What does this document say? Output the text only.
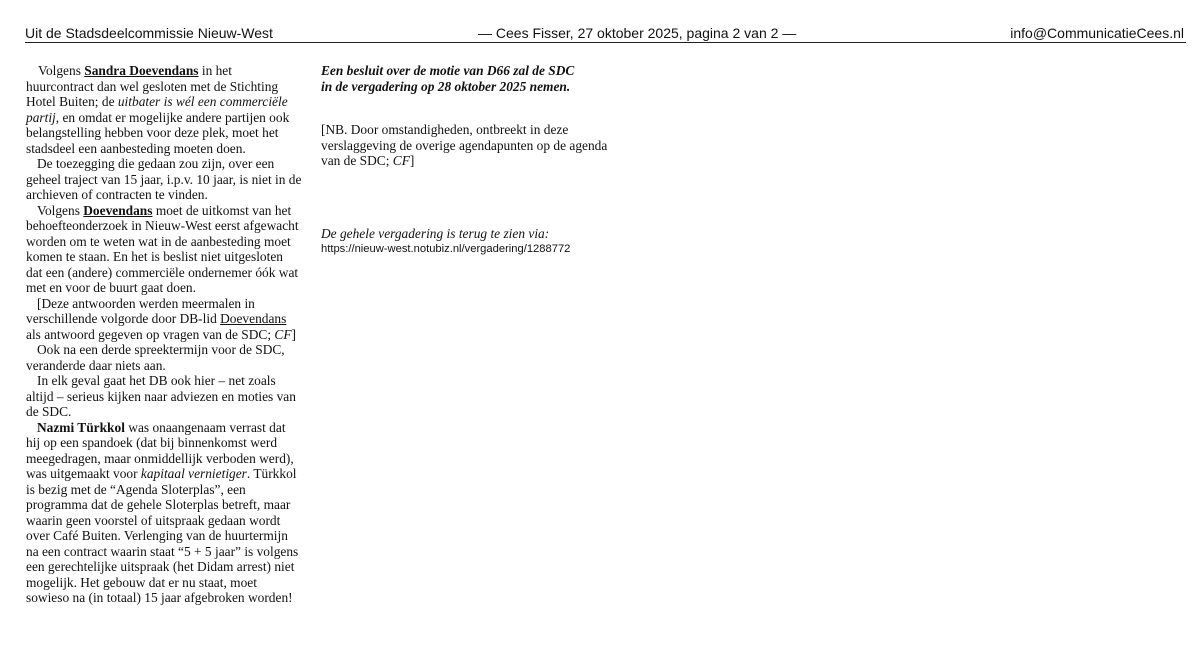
Uit de Stadsdeelcommissie Nieuw-West	— Cees Fisser, 27 oktober 2025, pagina 2 van 2 —	info@CommunicatieCees.nl

Volgens Sandra Doevendans in het huurcontract dan wel gesloten met de Stichting Hotel Buiten; de uitbater is wél een commerciële partij, en omdat er mogelijke andere partijen ook belangstelling hebben voor deze plek, moet het stadsdeel een aanbesteding moeten doen.

De toezegging die gedaan zou zijn, over een geheel traject van 15 jaar, i.p.v. 10 jaar, is niet in de archieven of contracten te vinden.

Volgens Doevendans moet de uitkomst van het behoefteonderzoek in Nieuw-West eerst afgewacht worden om te weten wat in de aanbesteding moet komen te staan. En het is beslist niet uitgesloten dat een (andere) commerciële ondernemer óók wat met en voor de buurt gaat doen.

[Deze antwoorden werden meermalen in verschillende volgorde door DB-lid Doevendans als antwoord gegeven op vragen van de SDC; CF]

Ook na een derde spreektermijn voor de SDC, veranderde daar niets aan.

In elk geval gaat het DB ook hier – net zoals altijd – serieus kijken naar adviezen en moties van de SDC.

Nazmi Türkkol was onaangenaam verrast dat hij op een spandoek (dat bij binnenkomst werd meegedragen, maar onmiddellijk verboden werd), was uitgemaakt voor kapitaal vernietiger. Türkkol is bezig met de “Agenda Sloterplas”, een programma dat de gehele Sloterplas betreft, maar waarin geen voorstel of uitspraak gedaan wordt over Café Buiten. Verlenging van de huurtermijn na een contract waarin staat “5 + 5 jaar” is volgens een gerechtelijke uitspraak (het Didam arrest) niet mogelijk. Het gebouw dat er nu staat, moet sowieso na (in totaal) 15 jaar afgebroken worden!

Een besluit over de motie van D66 zal de SDC
in de vergadering op 28 oktober 2025 nemen.
[NB. Door omstandigheden, ontbreekt in deze verslaggeving de overige agendapunten op de agenda van de SDC; CF]
De gehele vergadering is terug te zien via:
https://nieuw-west.notubiz.nl/vergadering/1288772
